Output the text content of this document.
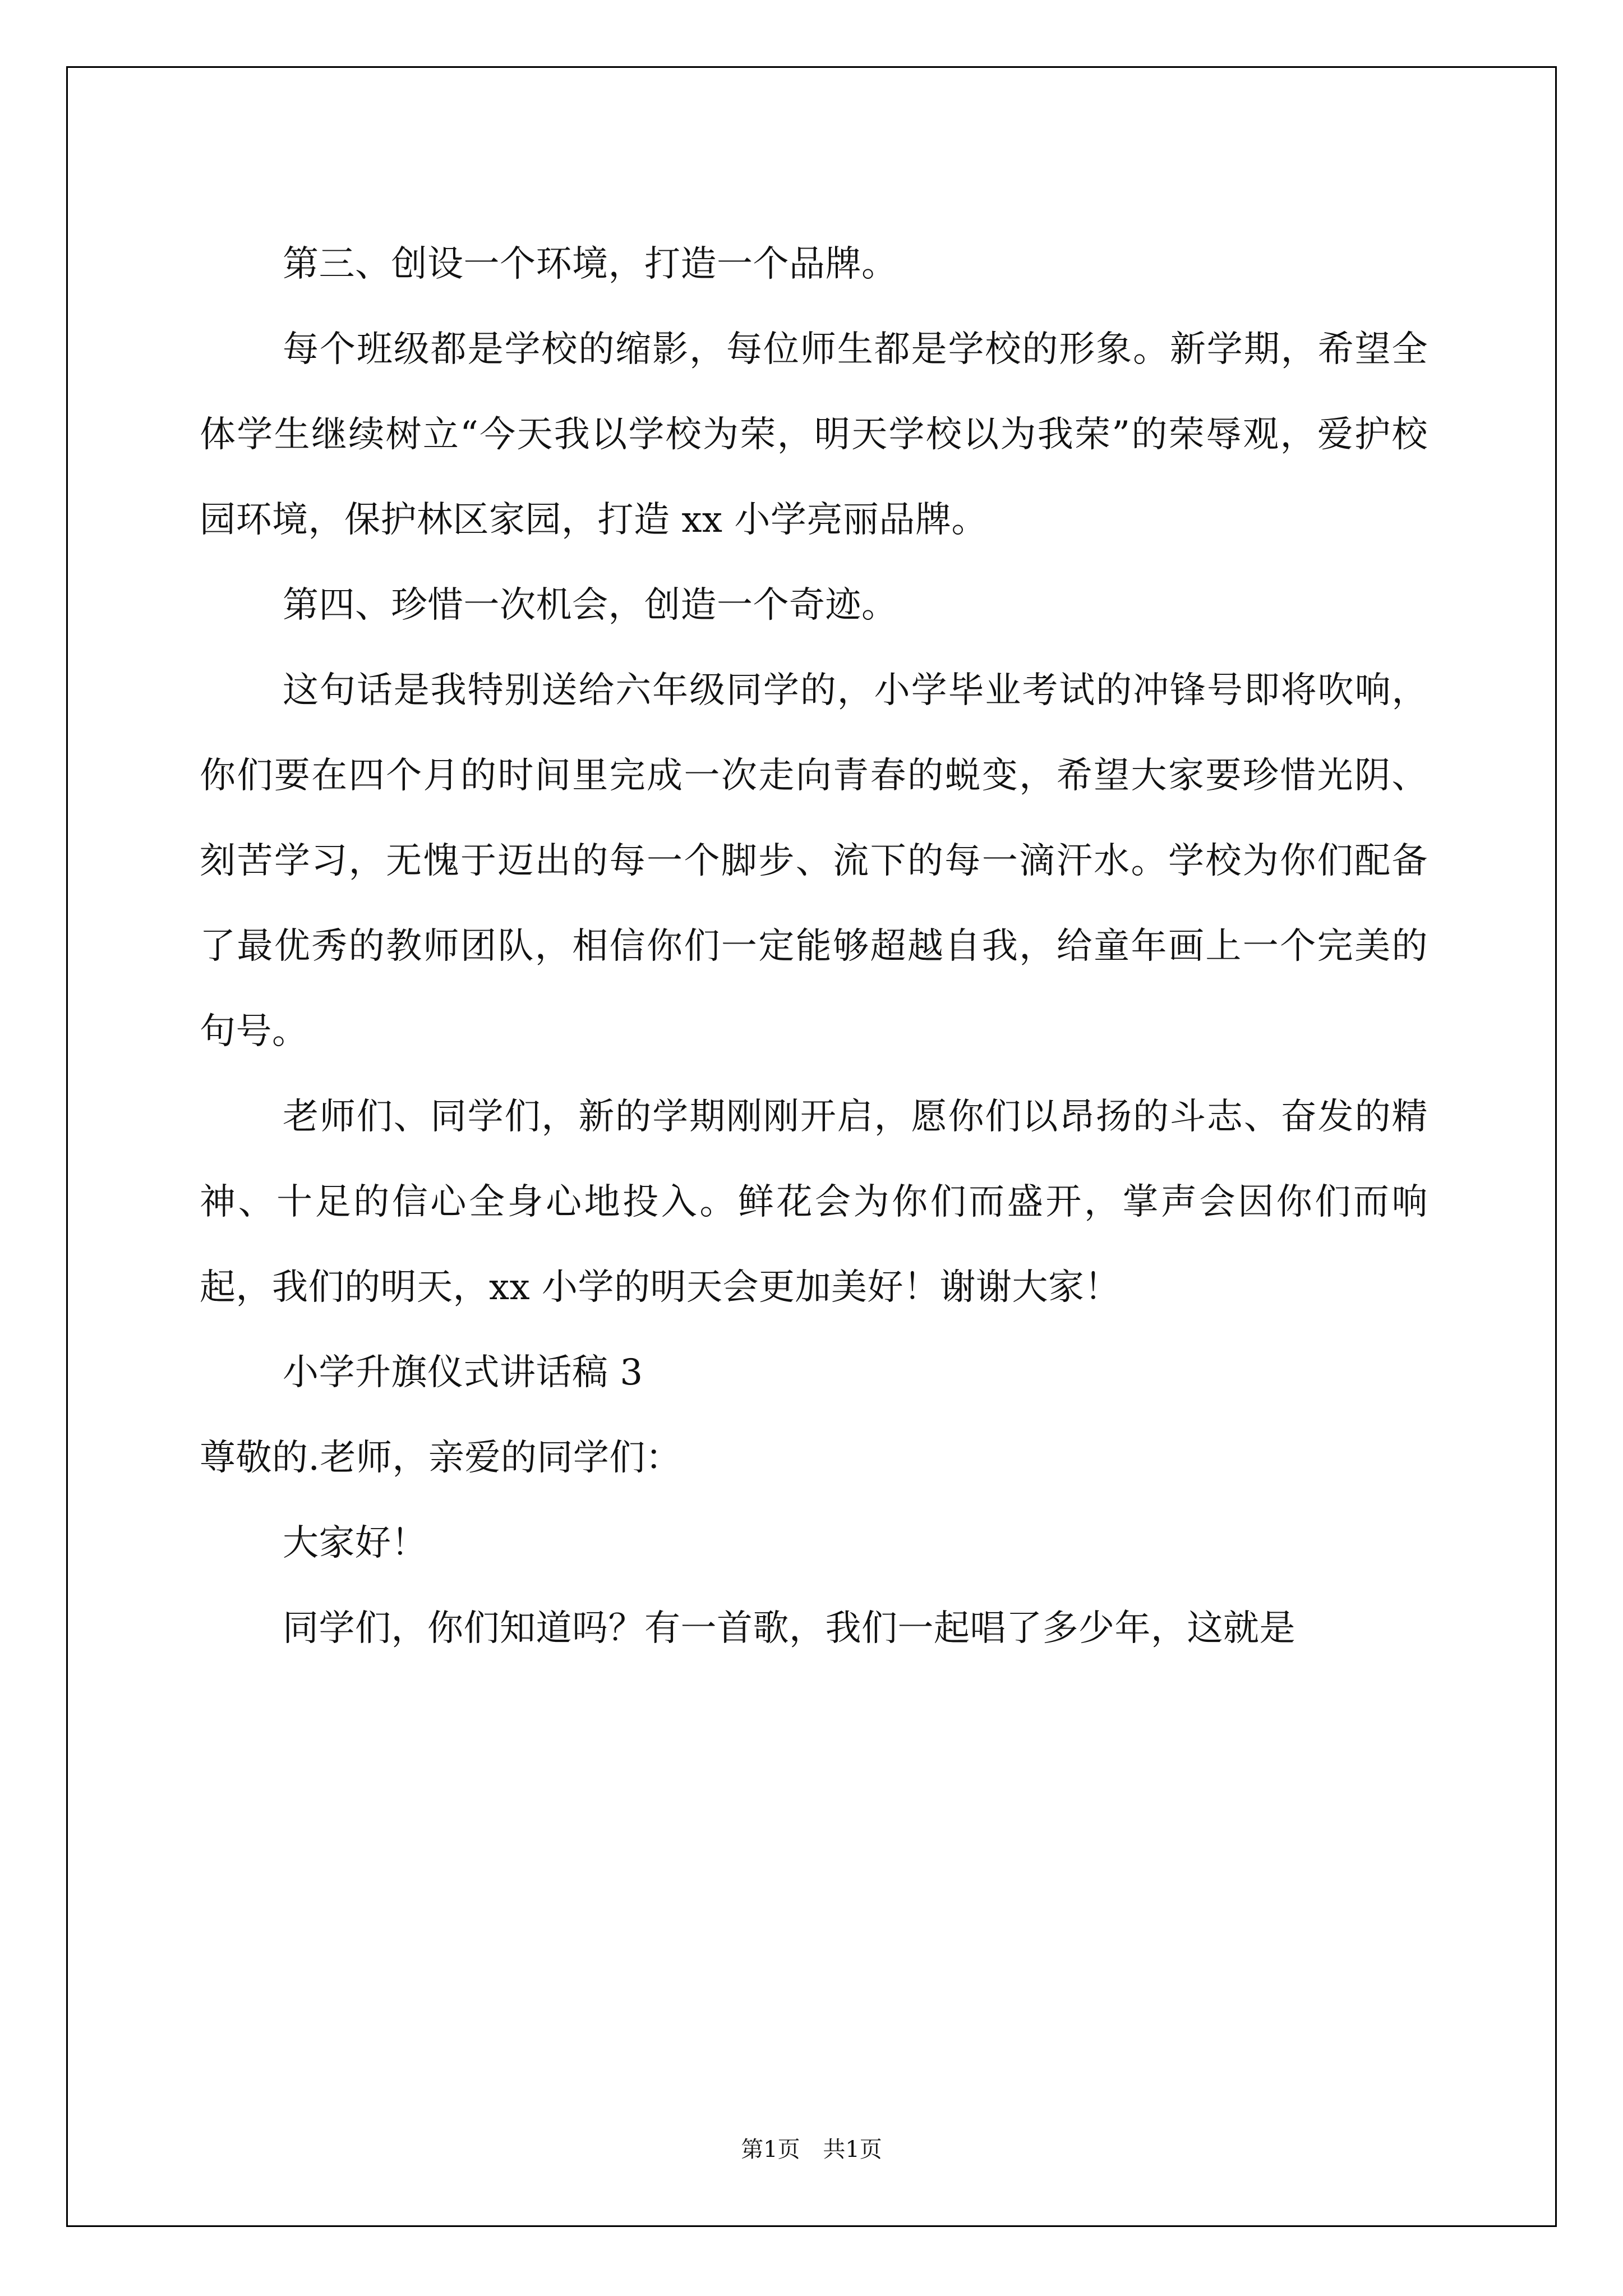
第三、创设一个环境，打造一个品牌。

每个班级都是学校的缩影，每位师生都是学校的形象。新学期，希望全体学生继续树立“今天我以学校为荣，明天学校以为我荣”的荣辱观，爱护校园环境，保护林区家园，打造 xx 小学亮丽品牌。

第四、珍惜一次机会，创造一个奇迹。

这句话是我特别送给六年级同学的，小学毕业考试的冲锋号即将吹响，你们要在四个月的时间里完成一次走向青春的蜕变，希望大家要珍惜光阴、刻苦学习，无愧于迈出的每一个脚步、流下的每一滴汗水。学校为你们配备了最优秀的教师团队，相信你们一定能够超越自我，给童年画上一个完美的句号。

老师们、同学们，新的学期刚刚开启，愿你们以昂扬的斗志、奋发的精神、十足的信心全身心地投入。鲜花会为你们而盛开，掌声会因你们而响起，我们的明天，xx 小学的明天会更加美好！谢谢大家！

小学升旗仪式讲话稿 3

尊敬的.老师，亲爱的同学们：

大家好！

同学们，你们知道吗？有一首歌，我们一起唱了多少年，这就是

第1页 共1页
